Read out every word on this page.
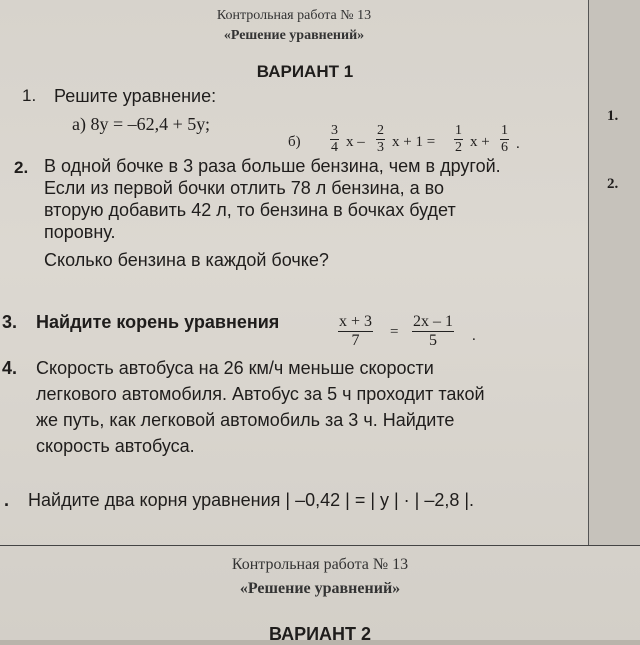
1.
2.
Контрольная работа № 13
«Решение уравнений»
ВАРИАНТ 1
1. Решите уравнение:
а) 8у = –62,4 + 5у;
$б) \frac{3}{4}$ х – $\frac{2}{3}$ $х + 1 = \frac{1}{2}$ $х + \frac{1}{6}$ .
2. В одной бочке в 3 раза больше бензина, чем в другой.
Если из первой бочки отлить 78 л бензина, а во
вторую добавить 42 л, то бензина в бочках будет
поровну.
Сколько бензина в каждой бочке?
3. Найдите корень уравнения	х + 3
7	=
2х – 1
5	.
4. Скорость автобуса на 26 км/ч меньше скорости
легкового автомобиля. Автобус за 5 ч проходит такой
же путь, как легковой автомобиль за 3 ч. Найдите
скорость автобуса.
. Найдите два корня уравнения | –0,42 | = | у | · | –2,8 |.
Контрольная работа № 13
«Решение уравнений»
ВАРИАНТ 2
